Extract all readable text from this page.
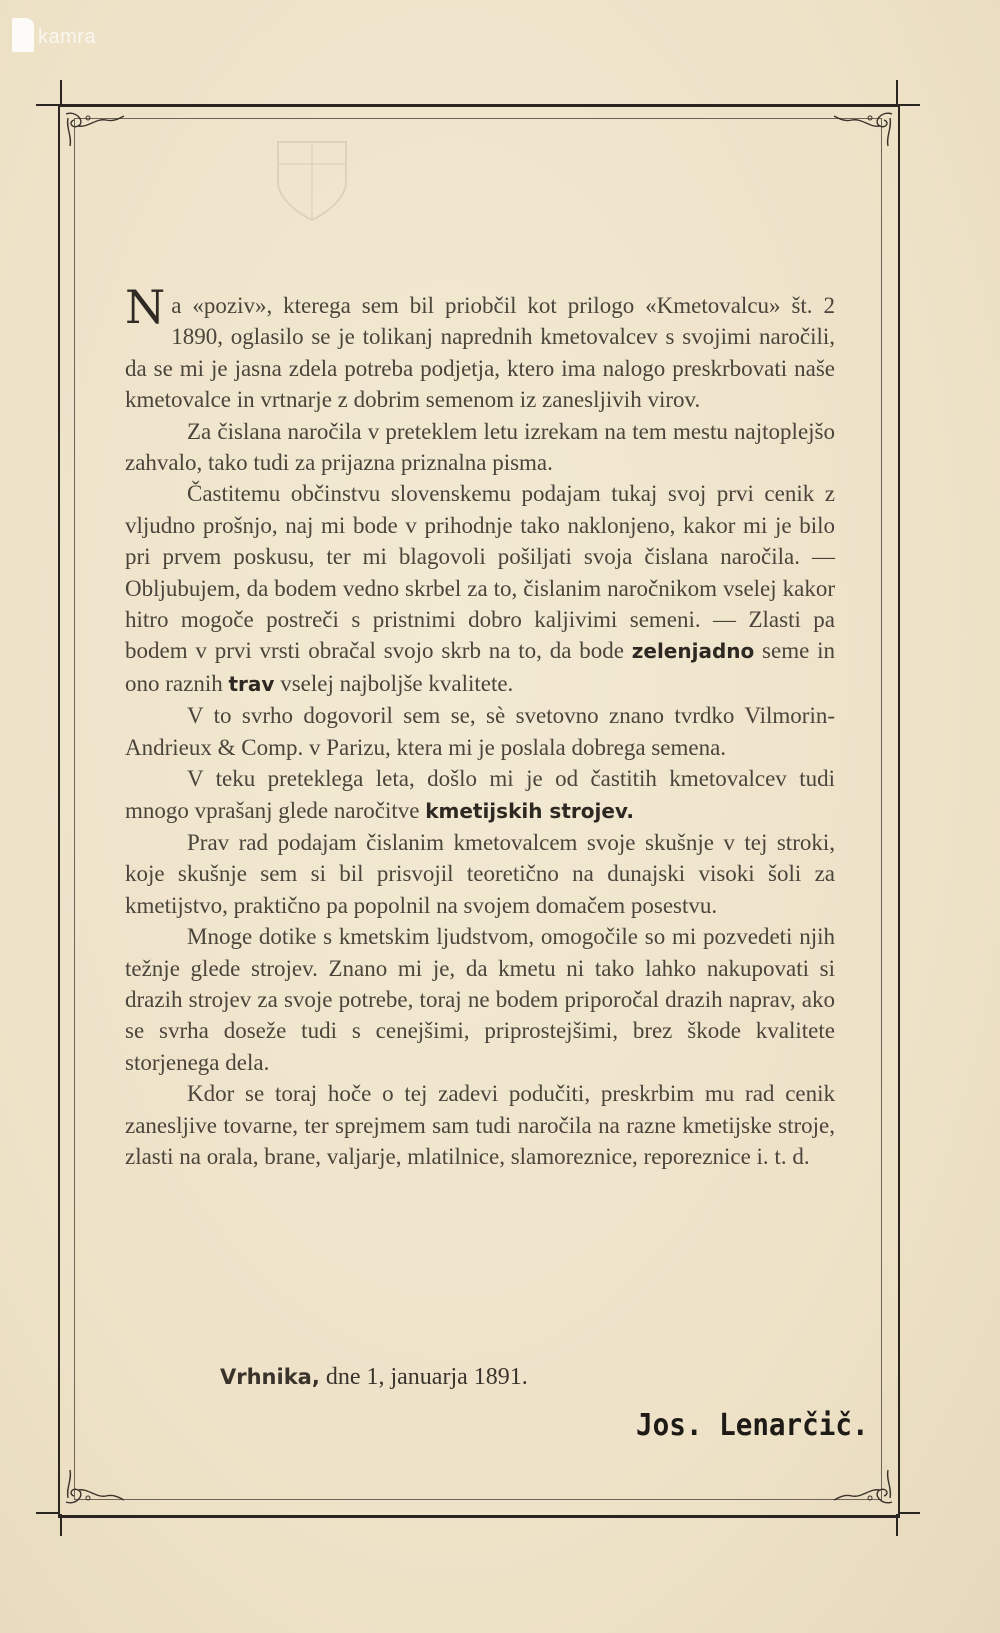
kamra

Na «poziv», kterega sem bil priobčil kot prilogo «Kmetovalcu» št. 2 1890, oglasilo se je tolikanj naprednih kmetovalcev s svojimi naročili, da se mi je jasna zdela potreba podjetja, ktero ima nalogo preskrbovati naše kmetovalce in vrtnarje z dobrim semenom iz zanesljivih virov.

Za čislana naročila v preteklem letu izrekam na tem mestu najtoplejšo zahvalo, tako tudi za prijazna priznalna pisma.

Častitemu občinstvu slovenskemu podajam tukaj svoj prvi cenik z vljudno prošnjo, naj mi bode v prihodnje tako naklonjeno, kakor mi je bilo pri prvem poskusu, ter mi blagovoli pošiljati svoja čislana naročila. — Obljubujem, da bodem vedno skrbel za to, čislanim naročnikom vselej kakor hitro mogoče postreči s pristnimi dobro kaljivimi semeni. — Zlasti pa bodem v prvi vrsti obračal svojo skrb na to, da bode zelenjadno seme in ono raznih trav vselej najboljše kvalitete.

V to svrho dogovoril sem se, sè svetovno znano tvrdko Vilmorin-Andrieux & Comp. v Parizu, ktera mi je poslala dobrega semena.

V teku preteklega leta, došlo mi je od častitih kmetovalcev tudi mnogo vprašanj glede naročitve kmetijskih strojev.

Prav rad podajam čislanim kmetovalcem svoje skušnje v tej stroki, koje skušnje sem si bil prisvojil teoretično na dunajski visoki šoli za kmetijstvo, praktično pa popolnil na svojem domačem posestvu.

Mnoge dotike s kmetskim ljudstvom, omogočile so mi pozvedeti njih težnje glede strojev. Znano mi je, da kmetu ni tako lahko nakupovati si drazih strojev za svoje potrebe, toraj ne bodem priporočal drazih naprav, ako se svrha doseže tudi s cenejšimi, priprostejšimi, brez škode kvalitete storjenega dela.

Kdor se toraj hoče o tej zadevi podučiti, preskrbim mu rad cenik zanesljive tovarne, ter sprejmem sam tudi naročila na razne kmetijske stroje, zlasti na orala, brane, valjarje, mlatilnice, slamoreznice, reporeznice i. t. d.

Vrhnika, dne 1, januarja 1891.
Jos. Lenarčič.
